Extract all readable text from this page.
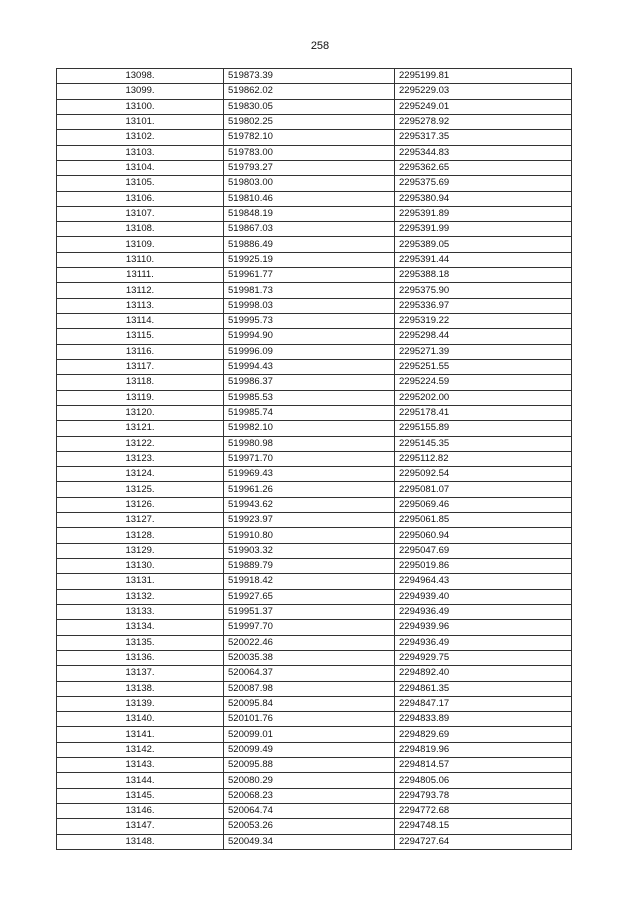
258
13098.	519873.39	2295199.81
13099.	519862.02	2295229.03
13100.	519830.05	2295249.01
13101.	519802.25	2295278.92
13102.	519782.10	2295317.35
13103.	519783.00	2295344.83
13104.	519793.27	2295362.65
13105.	519803.00	2295375.69
13106.	519810.46	2295380.94
13107.	519848.19	2295391.89
13108.	519867.03	2295391.99
13109.	519886.49	2295389.05
13110.	519925.19	2295391.44
13111.	519961.77	2295388.18
13112.	519981.73	2295375.90
13113.	519998.03	2295336.97
13114.	519995.73	2295319.22
13115.	519994.90	2295298.44
13116.	519996.09	2295271.39
13117.	519994.43	2295251.55
13118.	519986.37	2295224.59
13119.	519985.53	2295202.00
13120.	519985.74	2295178.41
13121.	519982.10	2295155.89
13122.	519980.98	2295145.35
13123.	519971.70	2295112.82
13124.	519969.43	2295092.54
13125.	519961.26	2295081.07
13126.	519943.62	2295069.46
13127.	519923.97	2295061.85
13128.	519910.80	2295060.94
13129.	519903.32	2295047.69
13130.	519889.79	2295019.86
13131.	519918.42	2294964.43
13132.	519927.65	2294939.40
13133.	519951.37	2294936.49
13134.	519997.70	2294939.96
13135.	520022.46	2294936.49
13136.	520035.38	2294929.75
13137.	520064.37	2294892.40
13138.	520087.98	2294861.35
13139.	520095.84	2294847.17
13140.	520101.76	2294833.89
13141.	520099.01	2294829.69
13142.	520099.49	2294819.96
13143.	520095.88	2294814.57
13144.	520080.29	2294805.06
13145.	520068.23	2294793.78
13146.	520064.74	2294772.68
13147.	520053.26	2294748.15
13148.	520049.34	2294727.64
